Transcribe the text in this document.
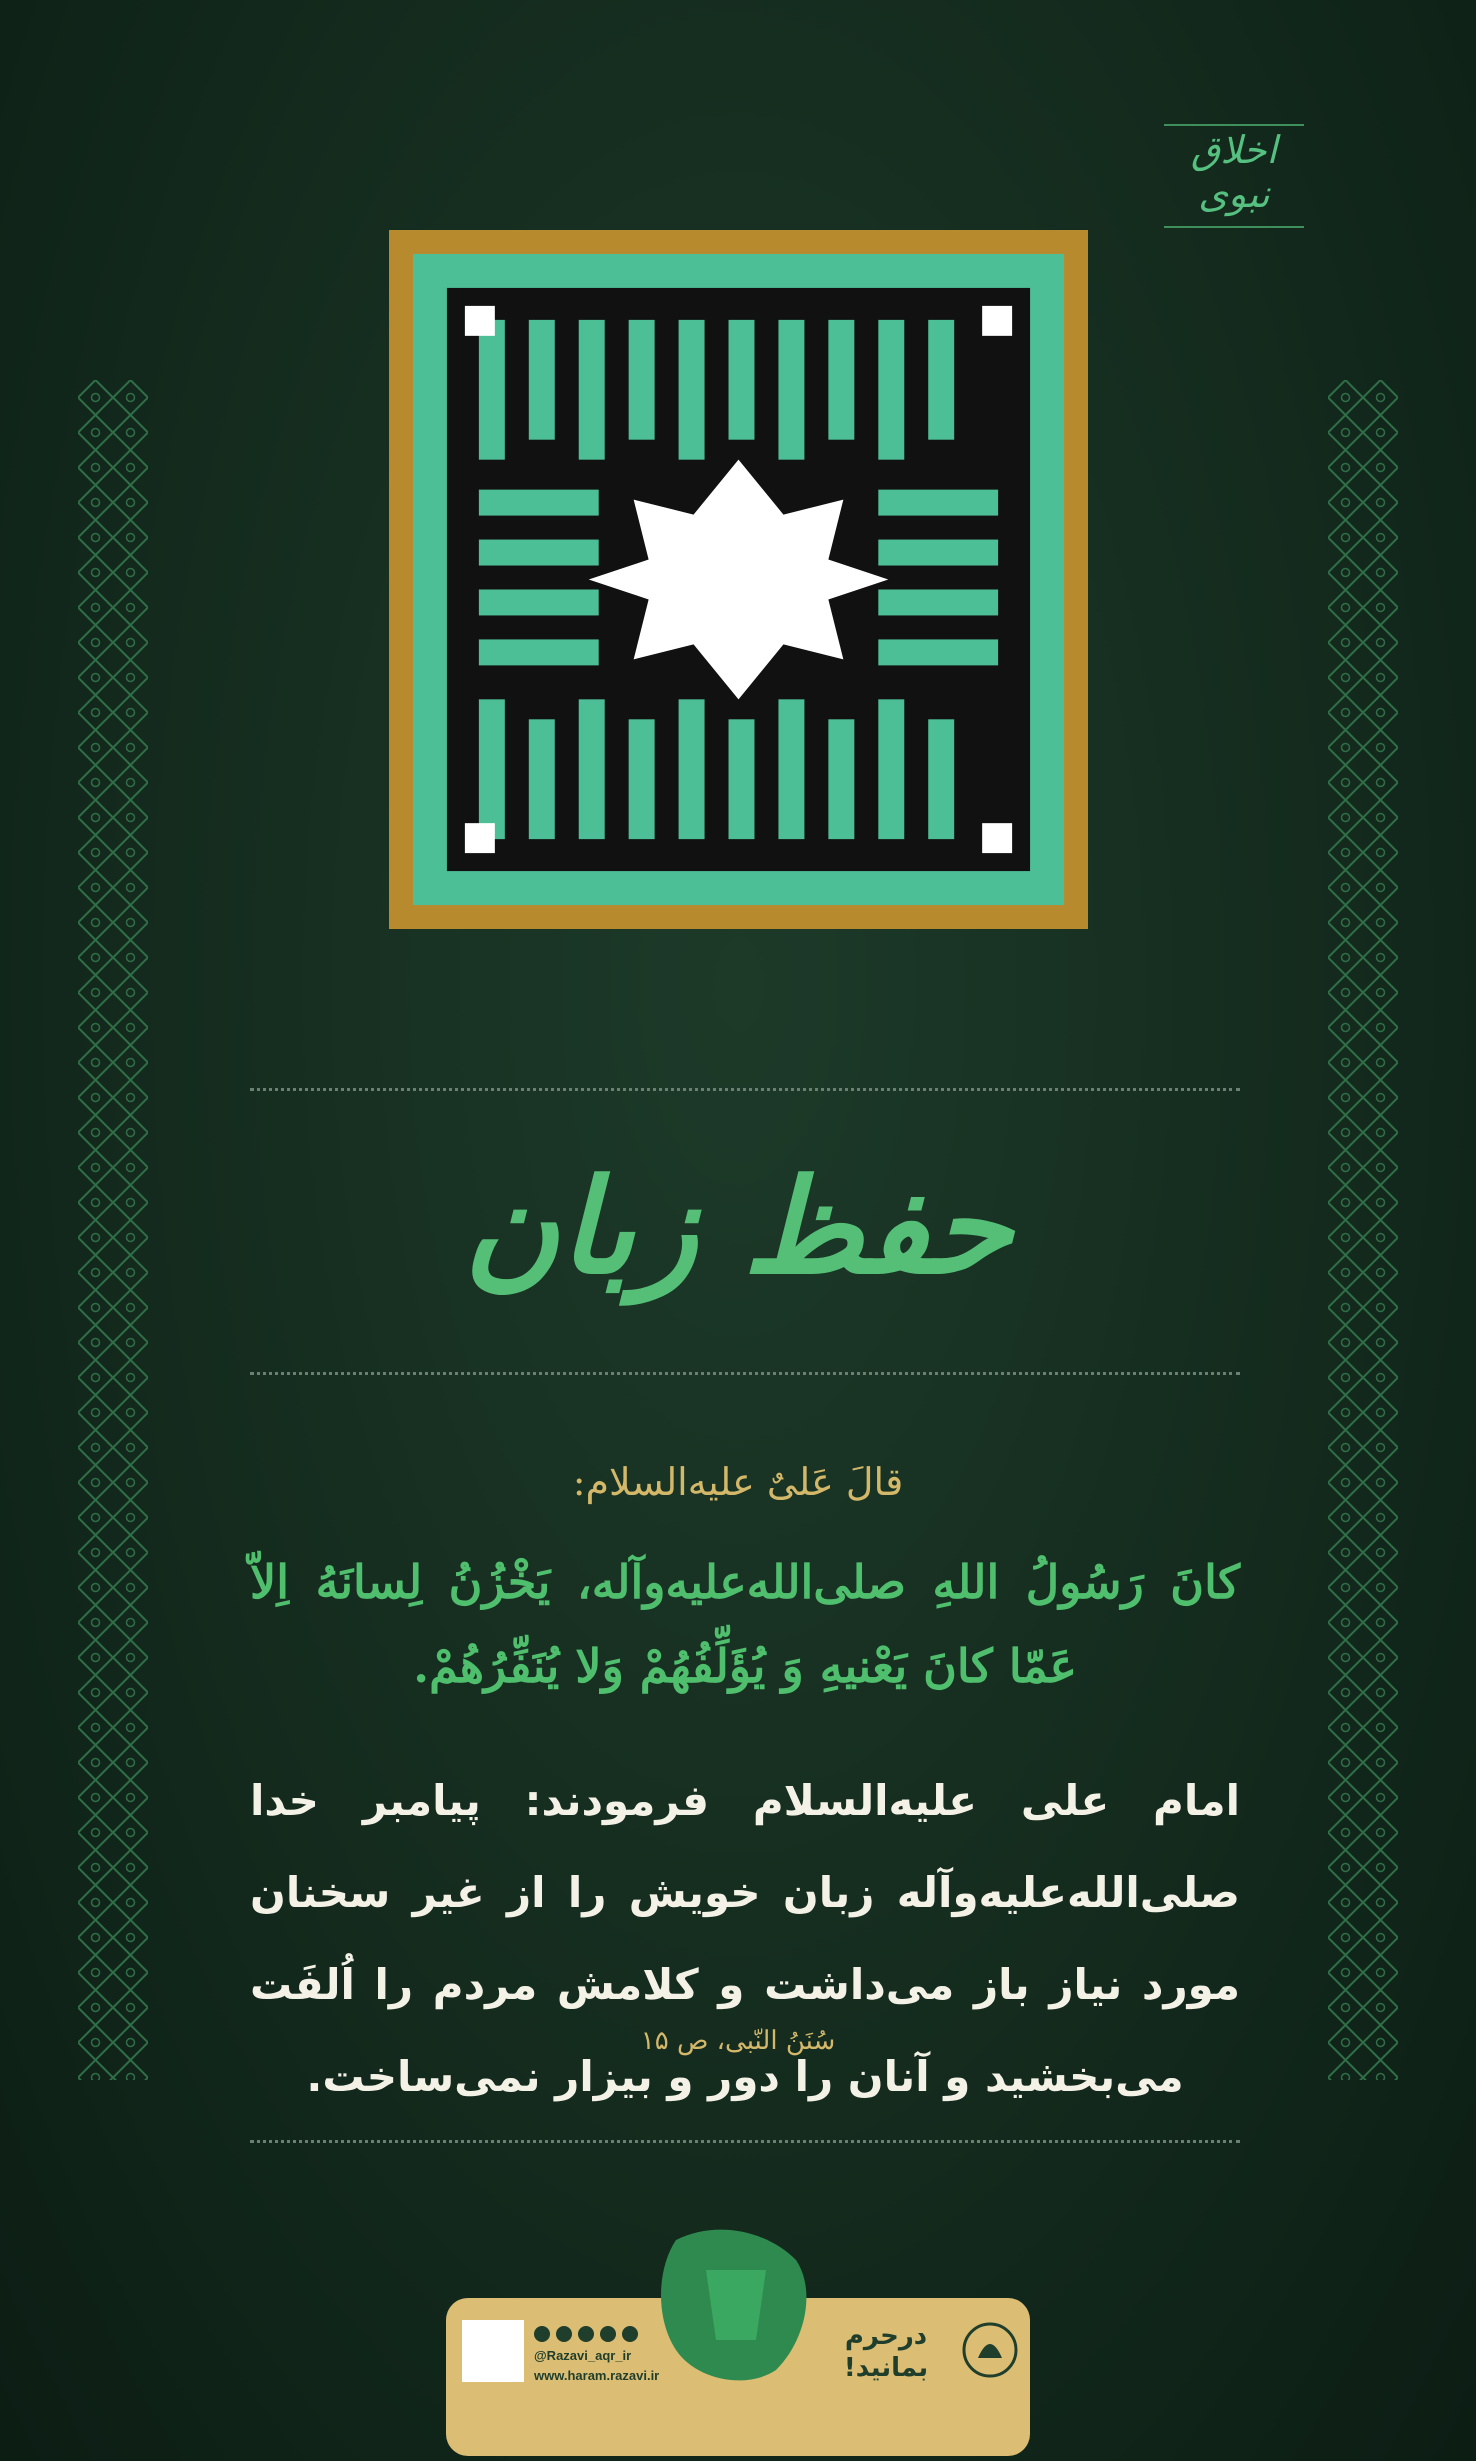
اخلاق نبوی
حفظ زبان
قالَ عَلیٌ علیه‌السلام:
کانَ رَسُولُ اللهِ صلی‌الله‌علیه‌وآله، یَخْزُنُ لِسانَهُ اِلاّ عَمّا کانَ یَعْنیهِ وَ یُؤَلِّفُهُمْ وَلا یُنَفِّرُهُمْ.
امام علی علیه‌السلام فرمودند: پیامبر خدا صلی‌الله‌علیه‌وآله زبان خویش را از غیر سخنان مورد نیاز باز می‌داشت و کلامش مردم را اُلفَت می‌بخشید و آنان را دور و بیزار نمی‌ساخت.
سُنَنُ النّبی، ص ۱۵
@Razavi_aqr_ir
www.haram.razavi.ir
درحرم
بمانید!
